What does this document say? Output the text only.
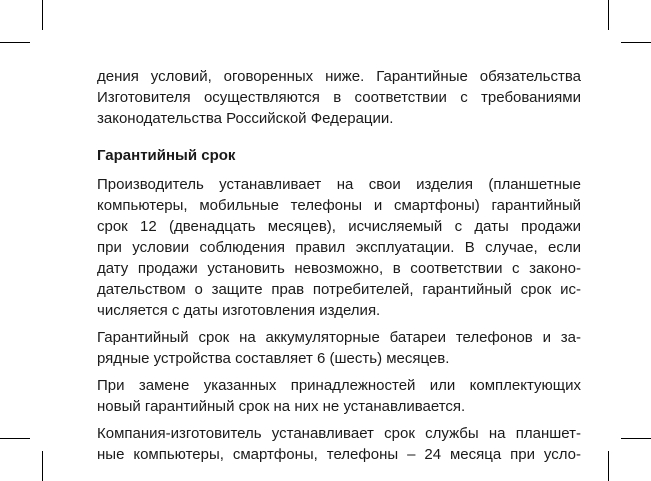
дения условий, оговоренных ниже. Гарантийные обязательства
Изготовителя осуществляются в соответствии с требованиями
законодательства Российской Федерации.

Гарантийный срок

Производитель устанавливает на свои изделия (планшетные
компьютеры, мобильные телефоны и смартфоны) гарантийный
срок 12 (двенадцать месяцев), исчисляемый с даты продажи
при условии соблюдения правил эксплуатации. В случае, если
дату продажи установить невозможно, в соответствии с законо-
дательством о защите прав потребителей, гарантийный срок ис-
числяется с даты изготовления изделия.

Гарантийный срок на аккумуляторные батареи телефонов и за-
рядные устройства составляет 6 (шесть) месяцев.

При замене указанных принадлежностей или комплектующих
новый гарантийный срок на них не устанавливается.

Компания-изготовитель устанавливает срок службы на планшет-
ные компьютеры, смартфоны, телефоны – 24 месяца при усло-
